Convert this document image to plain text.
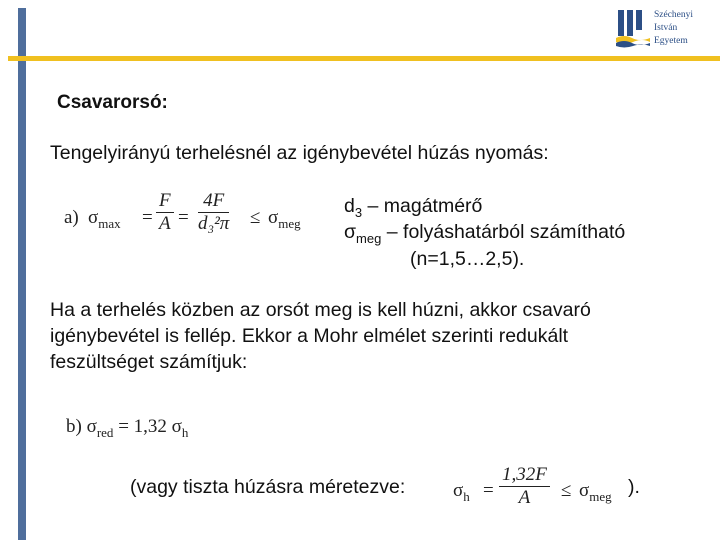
Széchenyi
István
Egyetem
Csavarorsó:
Tengelyirányú terhelésnél az igénybevétel húzás nyomás:
a) $\sigma_{max} = \frac{F}{A} = \frac{4F}{\text{d₃²π}} \le \sigma_{meg}$
$d_3$ – magátmérő
$\sigma_{meg}$ – folyáshatárból számítható
(n=1,5…2,5).
Ha a terhelés közben az orsót meg is kell húzni, akkor csavaró
igénybevétel is fellép. Ekkor a Mohr elmélet szerinti redukált
feszültséget számítjuk:
b) $\sigma_{red} = 1,32$ $\sigma_h$
(vagy tiszta húzásra méretezve:	$\sigma_h = \frac{1,32F}{A} \le \sigma_{meg}$ ).
